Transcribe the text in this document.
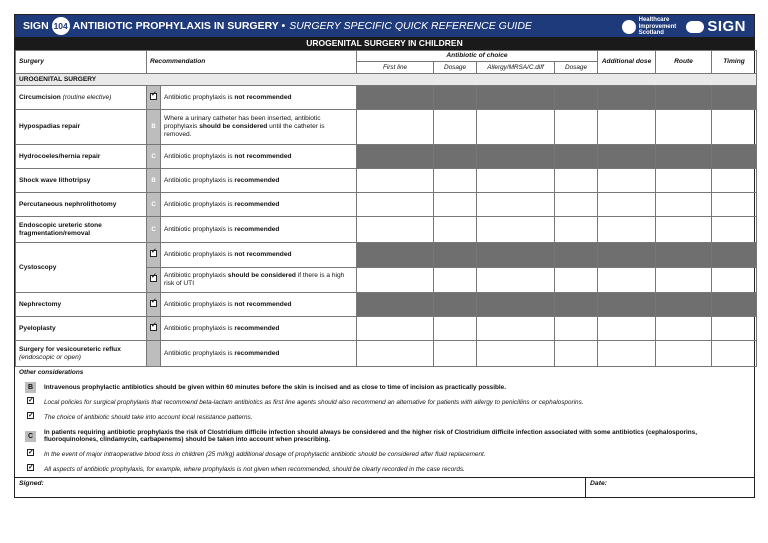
SIGN 104 ANTIBIOTIC PROPHYLAXIS IN SURGERY • SURGERY SPECIFIC QUICK REFERENCE GUIDE	Healthcare
Improvement
Scotland	SIGN
UROGENITAL SURGERY IN CHILDREN
Surgery	Recommendation		Antibiotic of choice				Additional dose	Route	Timing
			First line	Dosage	Allergy/MRSA/C.diff	Dosage			
UROGENITAL SURGERY									
Circumcision (routine elective)	✓	Antibiotic prophylaxis is not recommended							
Hypospadias repair	B	Where a urinary catheter has been inserted, antibiotic prophylaxis should be considered until the catheter is removed.							
Hydrocoeles/hernia repair	C	Antibiotic prophylaxis is not recommended							
Shock wave lithotripsy	B	Antibiotic prophylaxis is recommended							
Percutaneous nephrolithotomy	C	Antibiotic prophylaxis is recommended							
Endoscopic ureteric stone fragmentation/removal	C	Antibiotic prophylaxis is recommended							
Cystoscopy	✓	Antibiotic prophylaxis is not recommended							
✓	Antibiotic prophylaxis should be considered if there is a high risk of UTI							
Nephrectomy	✓	Antibiotic prophylaxis is not recommended							
Pyeloplasty	✓	Antibiotic prophylaxis is recommended							
Surgery for vesicoureteric reflux (endoscopic or open)		Antibiotic prophylaxis is recommended							
Other considerations
B	Intravenous prophylactic antibiotics should be given within 60 minutes before the skin is incised and as close to time of incision as practically possible.
✓
Local policies for surgical prophylaxis that recommend beta-lactam antibiotics as first line agents should also recommend an alternative for patients with allergy to penicillins or cephalosporins.
✓
The choice of antibiotic should take into account local resistance patterns.
C	In patients requiring antibiotic prophylaxis the risk of Clostridium difficile infection should always be considered and the higher risk of Clostridium difficile infection associated with some antibiotics (cephalosporins, fluoroquinolones, clindamycin, carbapenems) should be taken into account when prescribing.
✓
In the event of major intraoperative blood loss in children (25 ml/kg) additional dosage of prophylactic antibiotic should be considered after fluid replacement.
✓
All aspects of antibiotic prophylaxis, for example, where prophylaxis is not given when recommended, should be clearly recorded in the case records.
Signed:	Date:
